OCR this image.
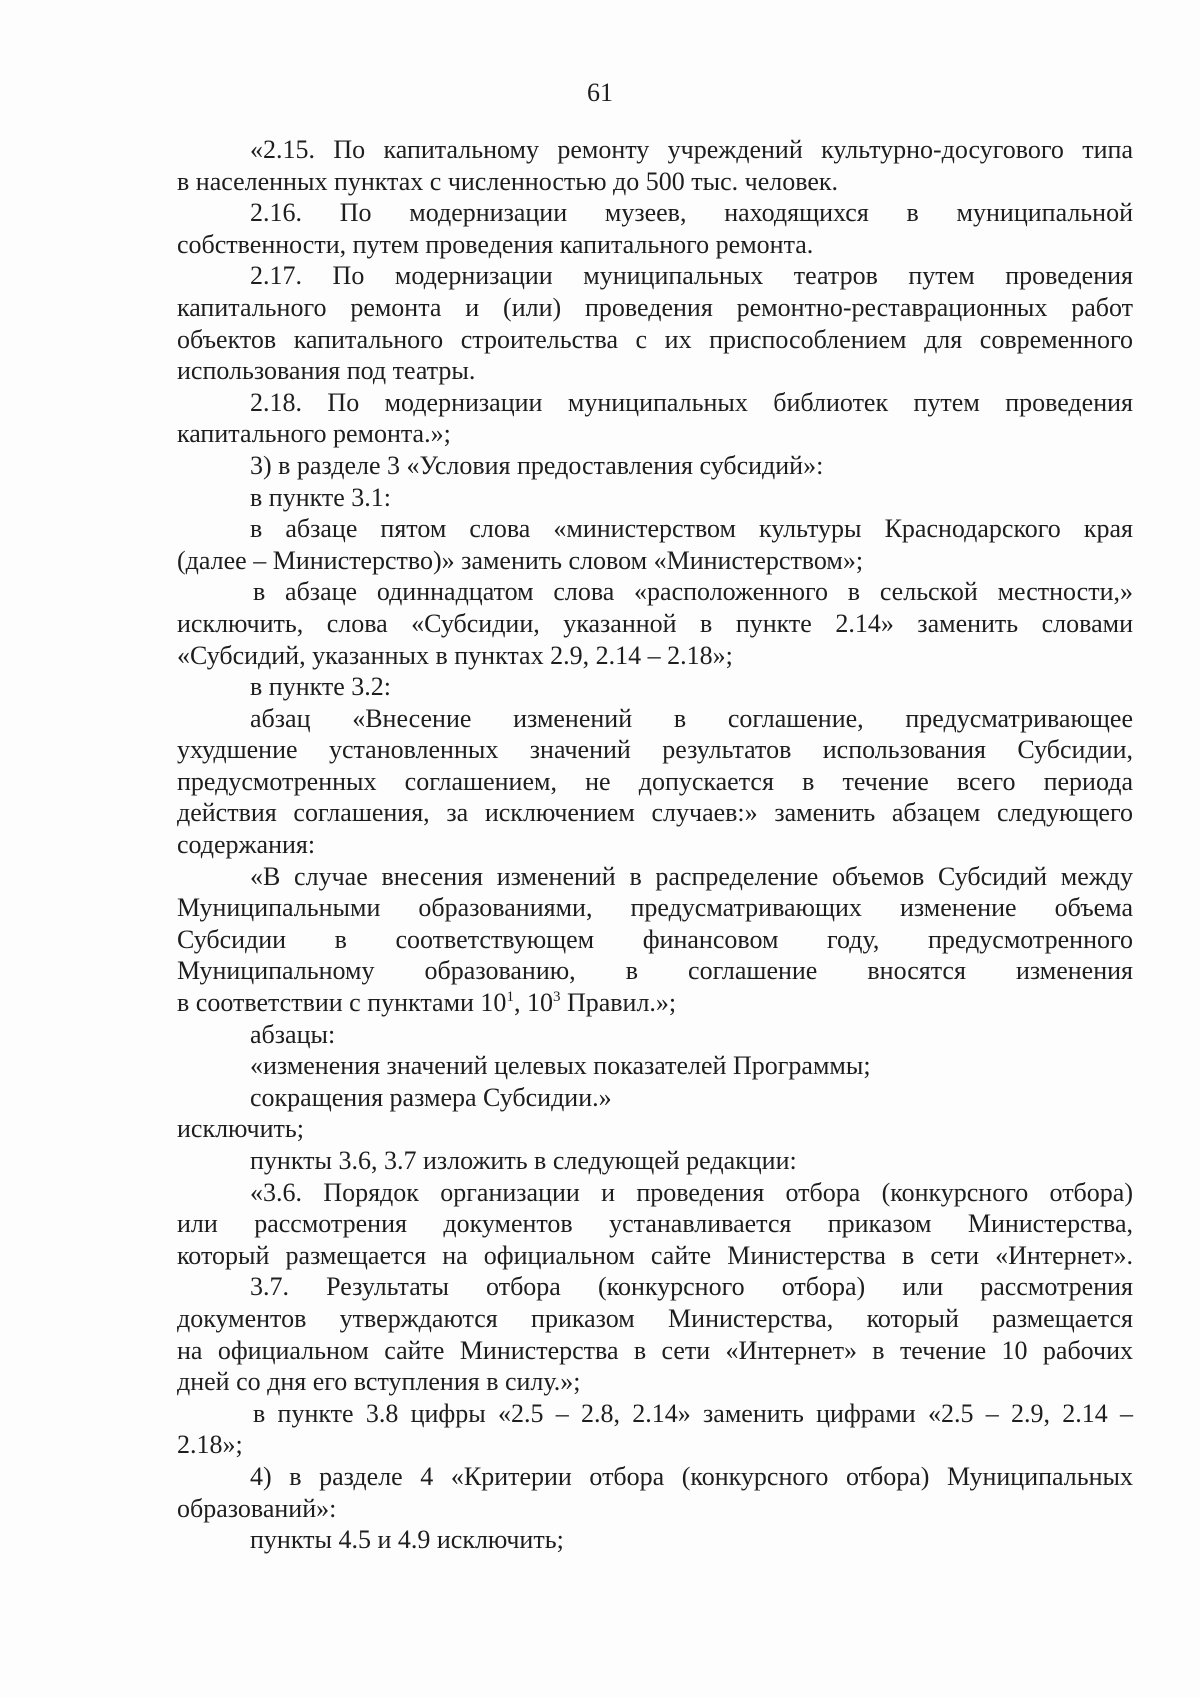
61
«2.15. По капитальному ремонту учреждений культурно-досугового типа
в населенных пунктах с численностью до 500 тыс. человек.
2.16. По модернизации музеев, находящихся в муниципальной
собственности, путем проведения капитального ремонта.
2.17. По модернизации муниципальных театров путем проведения
капитального ремонта и (или) проведения ремонтно-реставрационных работ
объектов капитального строительства с их приспособлением для современного
использования под театры.
2.18. По модернизации муниципальных библиотек путем проведения
капитального ремонта.»;
3) в разделе 3 «Условия предоставления субсидий»:
в пункте 3.1:
в абзаце пятом слова «министерством культуры Краснодарского края
(далее – Министерство)» заменить словом «Министерством»;
в абзаце одиннадцатом слова «расположенного в сельской местности,»
исключить, слова «Субсидии, указанной в пункте 2.14» заменить словами
«Субсидий, указанных в пунктах 2.9, 2.14 – 2.18»;
в пункте 3.2:
абзац «Внесение изменений в соглашение, предусматривающее
ухудшение установленных значений результатов использования Субсидии,
предусмотренных соглашением, не допускается в течение всего периода
действия соглашения, за исключением случаев:» заменить абзацем следующего
содержания:
«В случае внесения изменений в распределение объемов Субсидий между
Муниципальными образованиями, предусматривающих изменение объема
Субсидии в соответствующем финансовом году, предусмотренного
Муниципальному образованию, в соглашение вносятся изменения
в соответствии с пунктами $10^1$, $10^3$ Правил.»;
абзацы:
«изменения значений целевых показателей Программы;
сокращения размера Субсидии.»
исключить;
пункты 3.6, 3.7 изложить в следующей редакции:
«3.6. Порядок организации и проведения отбора (конкурсного отбора)
или рассмотрения документов устанавливается приказом Министерства,
который размещается на официальном сайте Министерства в сети «Интернет».
3.7. Результаты отбора (конкурсного отбора) или рассмотрения
документов утверждаются приказом Министерства, который размещается
на официальном сайте Министерства в сети «Интернет» в течение 10 рабочих
дней со дня его вступления в силу.»;
в пункте 3.8 цифры «2.5 – 2.8, 2.14» заменить цифрами «2.5 – 2.9, 2.14 –
2.18»;
4) в разделе 4 «Критерии отбора (конкурсного отбора) Муниципальных
образований»:
пункты 4.5 и 4.9 исключить;
